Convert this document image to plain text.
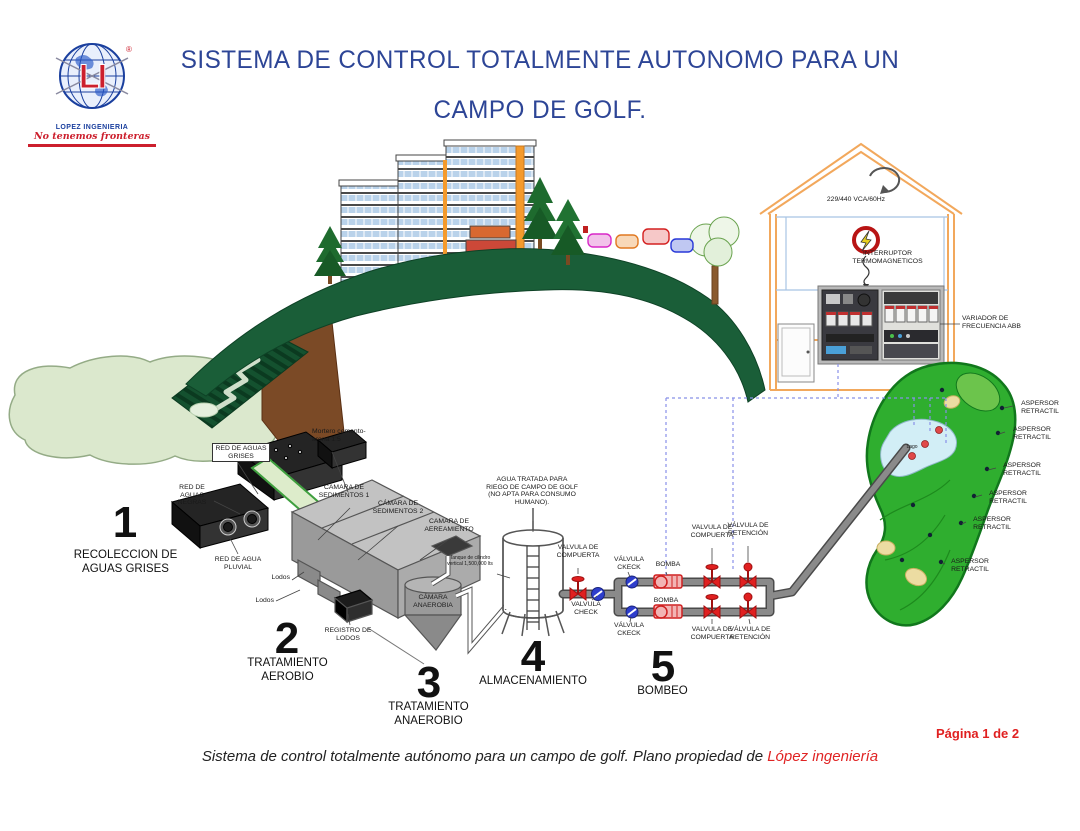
LI
®
LOPEZ INGENIERIA
No tenemos fronteras
SISTEMA DE CONTROL TOTALMENTE AUTONOMO PARA UN
CAMPO DE GOLF.
RED DE AGUAS GRISES
RED DE AGUAS NEGRAS
RED DE AGUA PLUVIAL
1
RECOLECCION DE AGUAS GRISES
Mortero cemento-arena 1:5
CAMARA DE SEDIMENTOS 1
CÁMARA DE SEDIMENTOS 2
CAMARA DE AEREAMIENTO
Lodos
Lodos
REGISTRO DE LODOS
2
TRATAMIENTO AEROBIO
CÁMARA ANAEROBIA
3
TRATAMIENTO ANAEROBIO
AGUA TRATADA PARA RIEGO DE CAMPO DE GOLF (NO APTA PARA CONSUMO HUMANO).
Tanque de cilindro vertical 1,500,000 lts
4
ALMACENAMIENTO
VALVULA DE COMPUERTA
VALVULA CHECK
VÁLVULA CKECK
VÁLVULA CKECK
BOMBA
BOMBA
VALVULA DE COMPUERTA
VALVULA DE COMPUERTA
VÁLVULA DE RETENCIÓN
VÁLVULA DE RETENCIÓN
5
BOMBEO
229/440 VCA/60Hz
INTERRUPTOR TERMOMAGNETICOS
VARIADOR DE FRECUENCIA ABB
ASPERSOR RETRACTIL
ASPERSOR RETRACTIL
ASPERSOR RETRACTIL
ASPERSOR RETRACTIL
ASPERSOR RETRACTIL
ASPERSOR RETRACTIL
Lago
Sistema de control totalmente autónomo para un campo de golf. Plano propiedad de López ingeniería
Página 1 de 2
